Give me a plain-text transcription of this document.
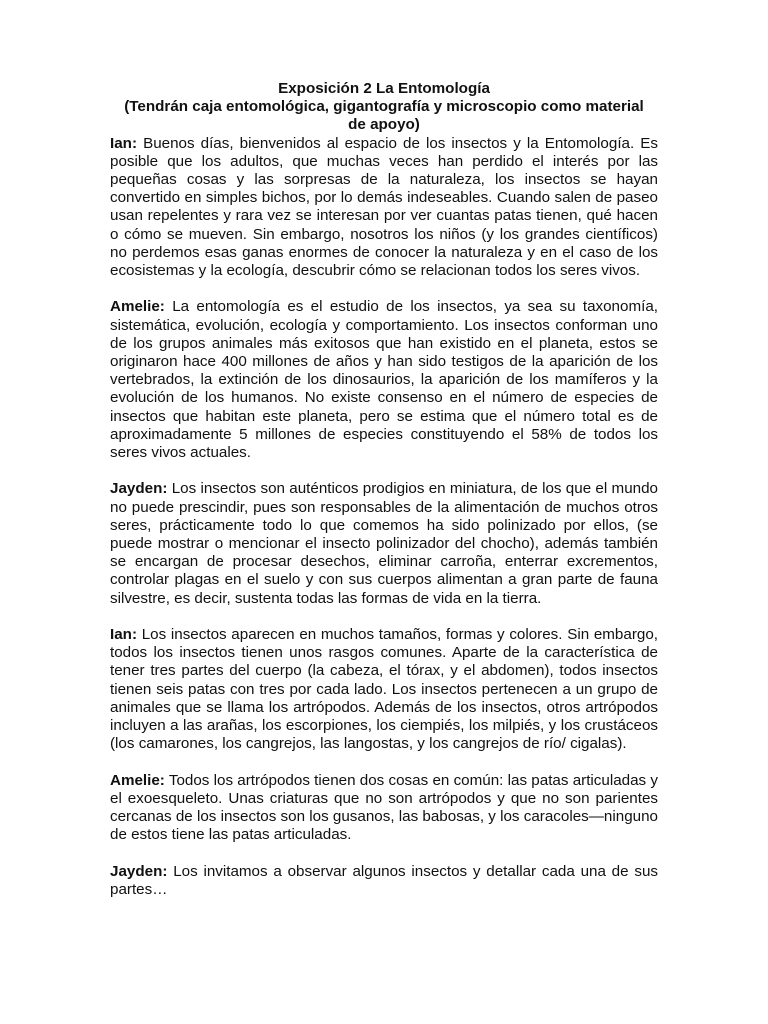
Exposición 2 La Entomología
(Tendrán caja entomológica, gigantografía y microscopio como material
de apoyo)

Ian: Buenos días, bienvenidos al espacio de los insectos y la Entomología. Es posible que los adultos, que muchas veces han perdido el interés por las pequeñas cosas y las sorpresas de la naturaleza, los insectos se hayan convertido en simples bichos, por lo demás indeseables. Cuando salen de paseo usan repelentes y rara vez se interesan por ver cuantas patas tienen, qué hacen o cómo se mueven. Sin embargo, nosotros los niños (y los grandes científicos) no perdemos esas ganas enormes de conocer la naturaleza y en el caso de los ecosistemas y la ecología, descubrir cómo se relacionan todos los seres vivos.

Amelie: La entomología es el estudio de los insectos, ya sea su taxonomía, sistemática, evolución, ecología y comportamiento. Los insectos conforman uno de los grupos animales más exitosos que han existido en el planeta, estos se originaron hace 400 millones de años y han sido testigos de la aparición de los vertebrados, la extinción de los dinosaurios, la aparición de los mamíferos y la evolución de los humanos. No existe consenso en el número de especies de insectos que habitan este planeta, pero se estima que el número total es de aproximadamente 5 millones de especies constituyendo el 58% de todos los seres vivos actuales.

Jayden: Los insectos son auténticos prodigios en miniatura, de los que el mundo no puede prescindir, pues son responsables de la alimentación de muchos otros seres, prácticamente todo lo que comemos ha sido polinizado por ellos, (se puede mostrar o mencionar el insecto polinizador del chocho), además también se encargan de procesar desechos, eliminar carroña, enterrar excrementos, controlar plagas en el suelo y con sus cuerpos alimentan a gran parte de fauna silvestre, es decir, sustenta todas las formas de vida en la tierra.

Ian: Los insectos aparecen en muchos tamaños, formas y colores. Sin embargo, todos los insectos tienen unos rasgos comunes. Aparte de la característica de tener tres partes del cuerpo (la cabeza, el tórax, y el abdomen), todos insectos tienen seis patas con tres por cada lado. Los insectos pertenecen a un grupo de animales que se llama los artrópodos. Además de los insectos, otros artrópodos incluyen a las arañas, los escorpiones, los ciempiés, los milpiés, y los crustáceos (los camarones, los cangrejos, las langostas, y los cangrejos de río/ cigalas).

Amelie: Todos los artrópodos tienen dos cosas en común: las patas articuladas y el exoesqueleto. Unas criaturas que no son artrópodos y que no son parientes cercanas de los insectos son los gusanos, las babosas, y los caracoles—ninguno de estos tiene las patas articuladas.

Jayden: Los invitamos a observar algunos insectos y detallar cada una de sus partes…
